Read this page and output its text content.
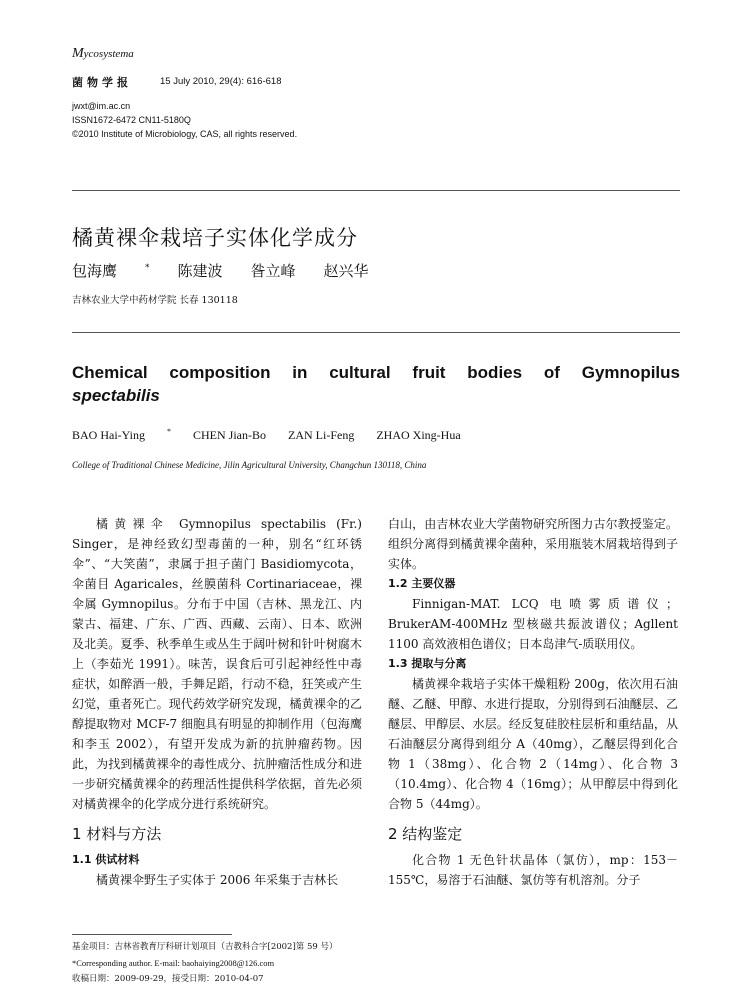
Mycosystema
菌物学报	15 July 2010, 29(4): 616-618
jwxt@im.ac.cn
ISSN1672-6472 CN11-5180Q
©2010 Institute of Microbiology, CAS, all rights reserved.
橘黄裸伞栽培子实体化学成分
包海鹰	* 陈建波 昝立峰 赵兴华
吉林农业大学中药材学院 长春 130118
Chemical composition in cultural fruit bodies of Gymnopilus
spectabilis
BAO Hai-Ying	* CHEN Jian-Bo ZAN Li-Feng ZHAO Xing-Hua
College of Traditional Chinese Medicine, Jilin Agricultural University, Changchun 130118, China

橘黄裸伞 Gymnopilus spectabilis (Fr.) Singer，是神经致幻型毒菌的一种，别名“红环锈伞”、“大笑菌”，隶属于担子菌门 Basidiomycota，伞菌目 Agaricales，丝膜菌科 Cortinariaceae，裸伞属 Gymnopilus。分布于中国（吉林、黑龙江、内蒙古、福建、广东、广西、西藏、云南）、日本、欧洲及北美。夏季、秋季单生或丛生于阔叶树和针叶树腐木上（李茹光 1991）。味苦，误食后可引起神经性中毒症状，如醉酒一般，手舞足蹈，行动不稳，狂笑或产生幻觉，重者死亡。现代药效学研究发现，橘黄裸伞的乙醇提取物对 MCF-7 细胞具有明显的抑制作用（包海鹰和李玉 2002），有望开发成为新的抗肿瘤药物。因此，为找到橘黄裸伞的毒性成分、抗肿瘤活性成分和进一步研究橘黄裸伞的药理活性提供科学依据，首先必须对橘黄裸伞的化学成分进行系统研究。

1 材料与方法
1.1 供试材料

橘黄裸伞野生子实体于 2006 年采集于吉林长

白山，由吉林农业大学菌物研究所图力古尔教授鉴定。组织分离得到橘黄裸伞菌种，采用瓶装木屑栽培得到子实体。

1.2 主要仪器

Finnigan-MAT. LCQ 电喷雾质谱仪；BrukerAM-400MHz 型核磁共振波谱仪；Agllent 1100 高效液相色谱仪；日本岛津气-质联用仪。

1.3 提取与分离

橘黄裸伞栽培子实体干燥粗粉 200g，依次用石油醚、乙醚、甲醇、水进行提取，分别得到石油醚层、乙醚层、甲醇层、水层。经反复硅胶柱层析和重结晶，从石油醚层分离得到组分 A（40mg），乙醚层得到化合物 1（38mg）、化合物 2（14mg）、化合物 3（10.4mg）、化合物 4（16mg）；从甲醇层中得到化合物 5（44mg）。

2 结构鉴定

化合物 1 无色针状晶体（氯仿），mp：153－155℃，易溶于石油醚、氯仿等有机溶剂。分子

基金项目：吉林省教育厅科研计划项目（吉教科合字[2002]第 59 号）
*Corresponding author. E-mail: baohaiying2008@126.com
收稿日期：2009-09-29，接受日期：2010-04-07
